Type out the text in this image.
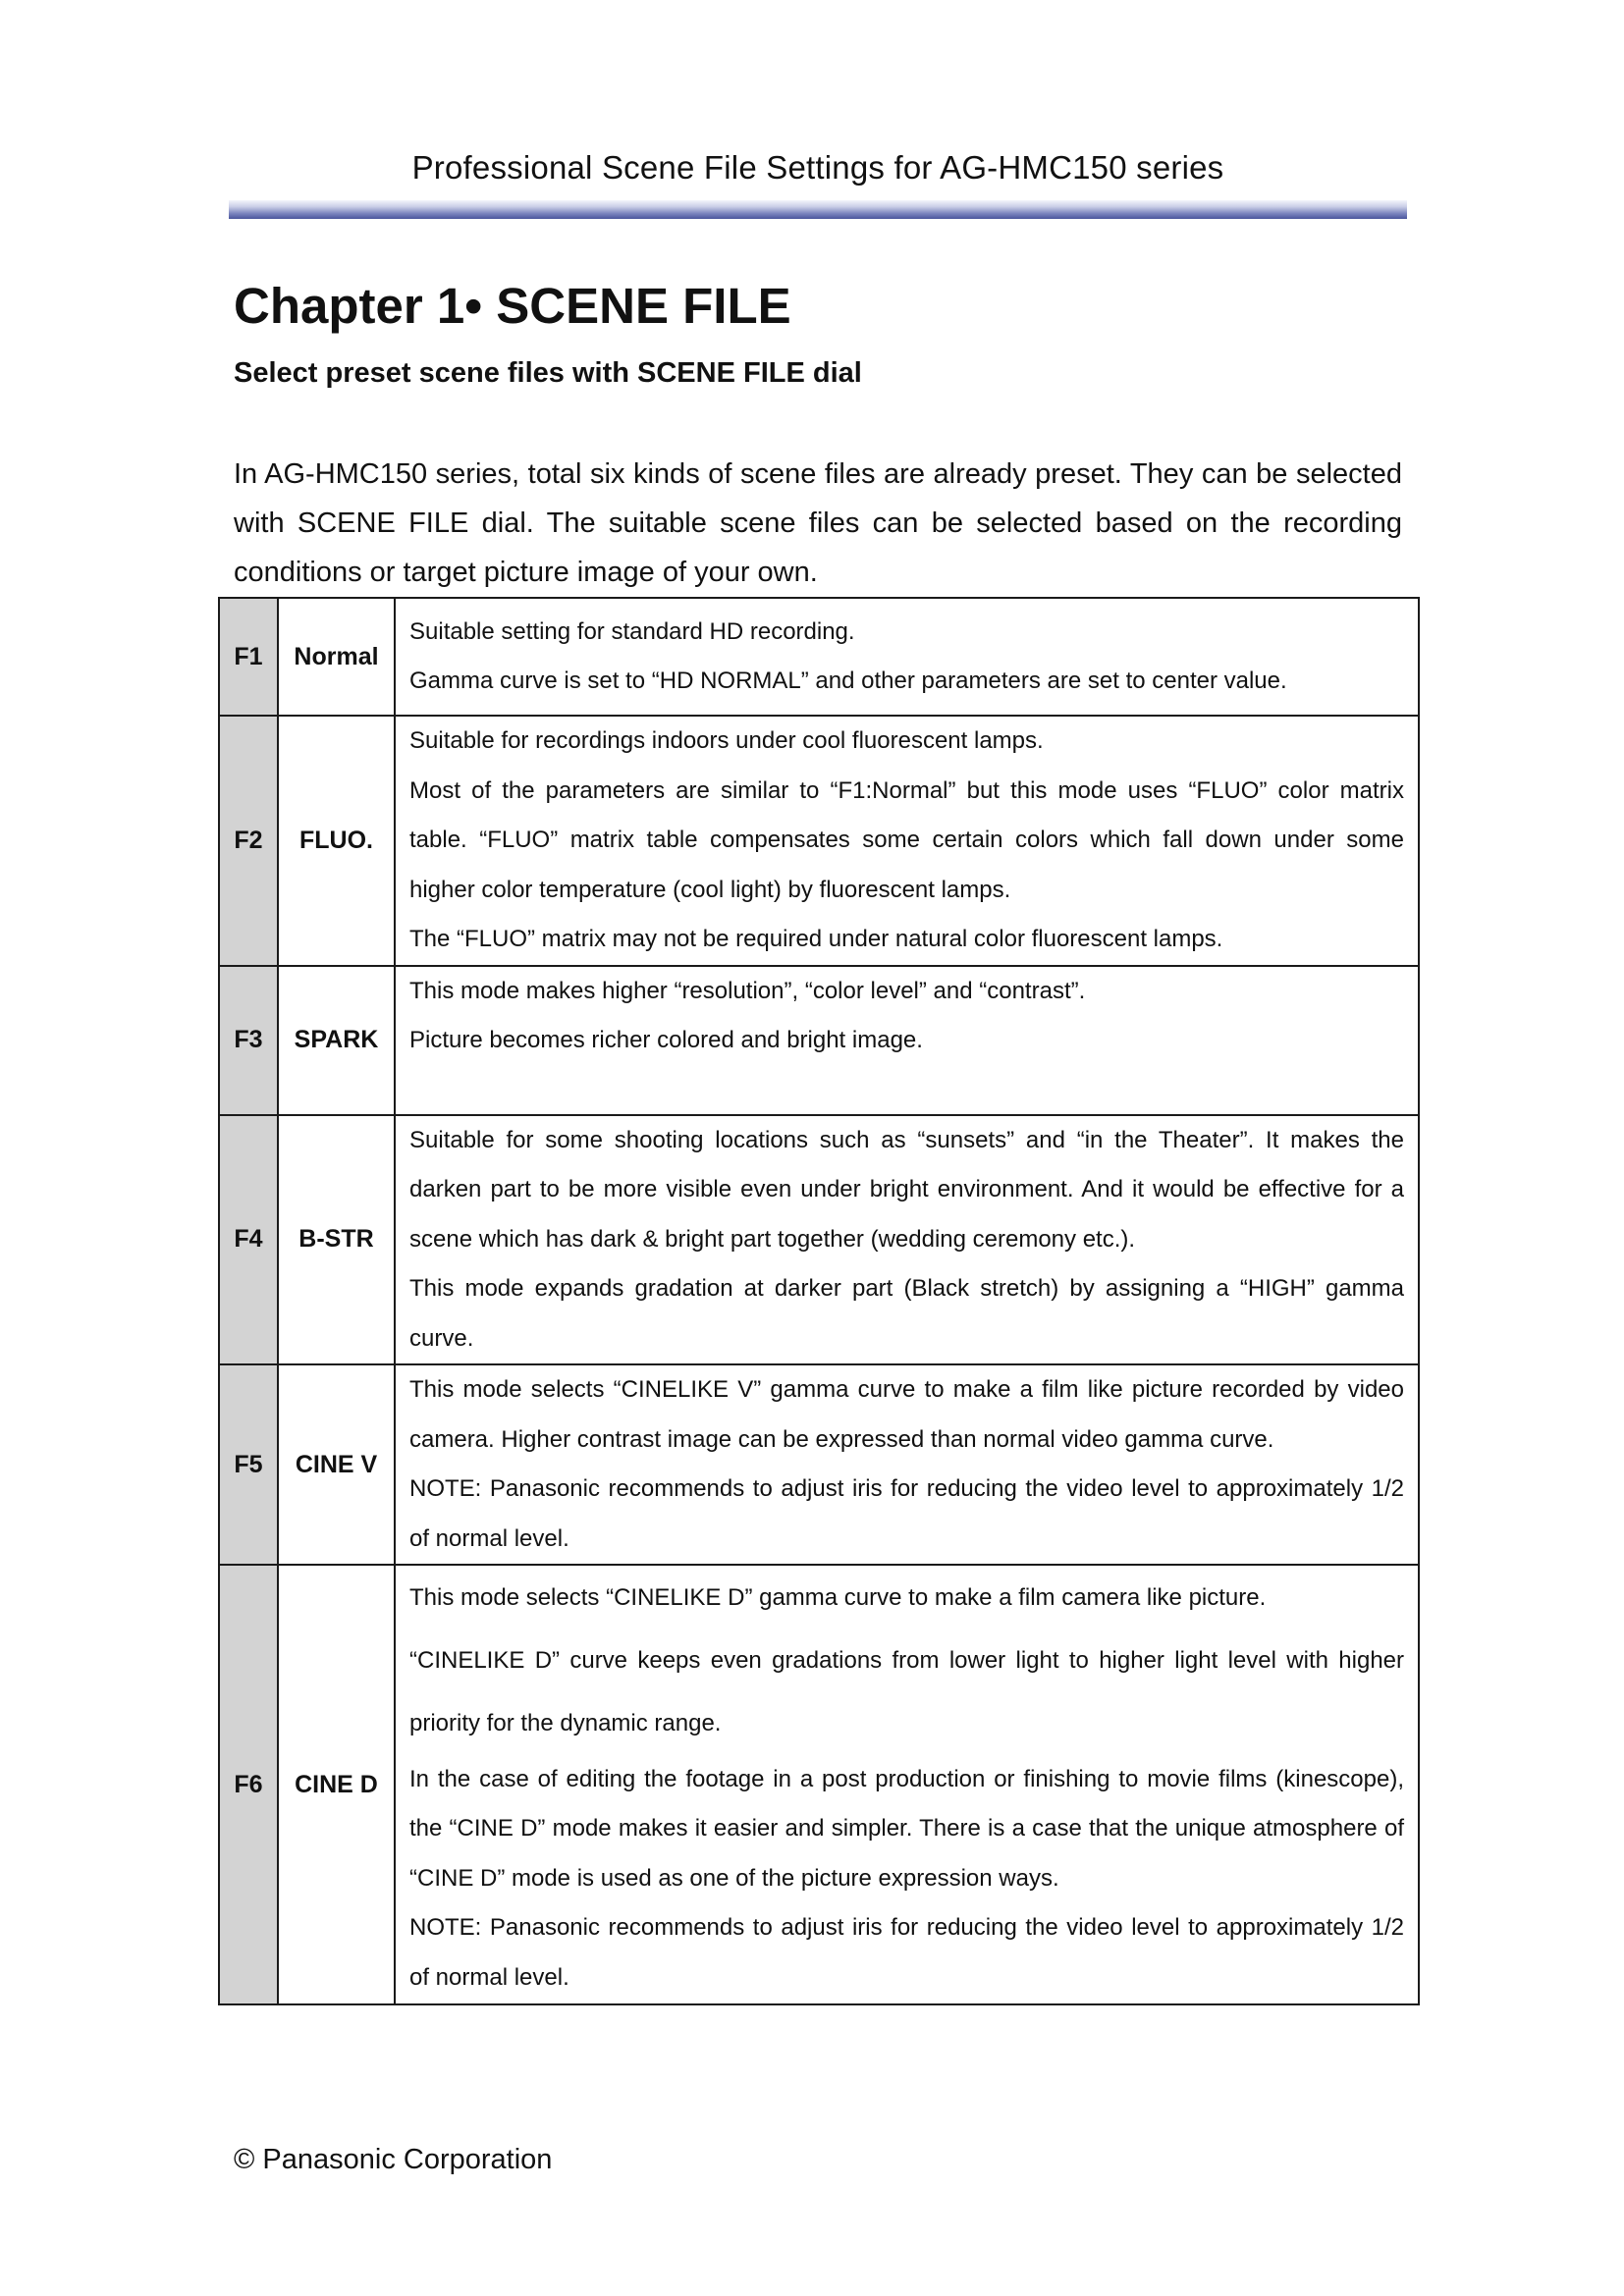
Professional Scene File Settings for AG-HMC150 series
Chapter 1• SCENE FILE
Select preset scene files with SCENE FILE dial
In AG-HMC150 series, total six kinds of scene files are already preset. They can be selected with SCENE FILE dial. The suitable scene files can be selected based on the recording conditions or target picture image of your own.
F1	Normal	Suitable setting for standard HD recording.

Gamma curve is set to “HD NORMAL” and other parameters are set to center value.

F2	FLUO.	Suitable for recordings indoors under cool fluorescent lamps.

Most of the parameters are similar to “F1:Normal” but this mode uses “FLUO” color matrix table. “FLUO” matrix table compensates some certain colors which fall down under some higher color temperature (cool light) by fluorescent lamps.

The “FLUO” matrix may not be required under natural color fluorescent lamps.

F3	SPARK	This mode makes higher “resolution”, “color level” and “contrast”.

Picture becomes richer colored and bright image.

F4	B-STR	Suitable for some shooting locations such as “sunsets” and “in the Theater”. It makes the darken part to be more visible even under bright environment. And it would be effective for a scene which has dark & bright part together (wedding ceremony etc.).

This mode expands gradation at darker part (Black stretch) by assigning a “HIGH” gamma curve.

F5	CINE V	This mode selects “CINELIKE V” gamma curve to make a film like picture recorded by video camera. Higher contrast image can be expressed than normal video gamma curve.

NOTE: Panasonic recommends to adjust iris for reducing the video level to approximately 1/2 of normal level.

F6	CINE D	This mode selects “CINELIKE D” gamma curve to make a film camera like picture.

“CINELIKE D” curve keeps even gradations from lower light to higher light level with higher priority for the dynamic range.

In the case of editing the footage in a post production or finishing to movie films (kinescope), the “CINE D” mode makes it easier and simpler. There is a case that the unique atmosphere of “CINE D” mode is used as one of the picture expression ways.

NOTE: Panasonic recommends to adjust iris for reducing the video level to approximately 1/2 of normal level.

© Panasonic Corporation
